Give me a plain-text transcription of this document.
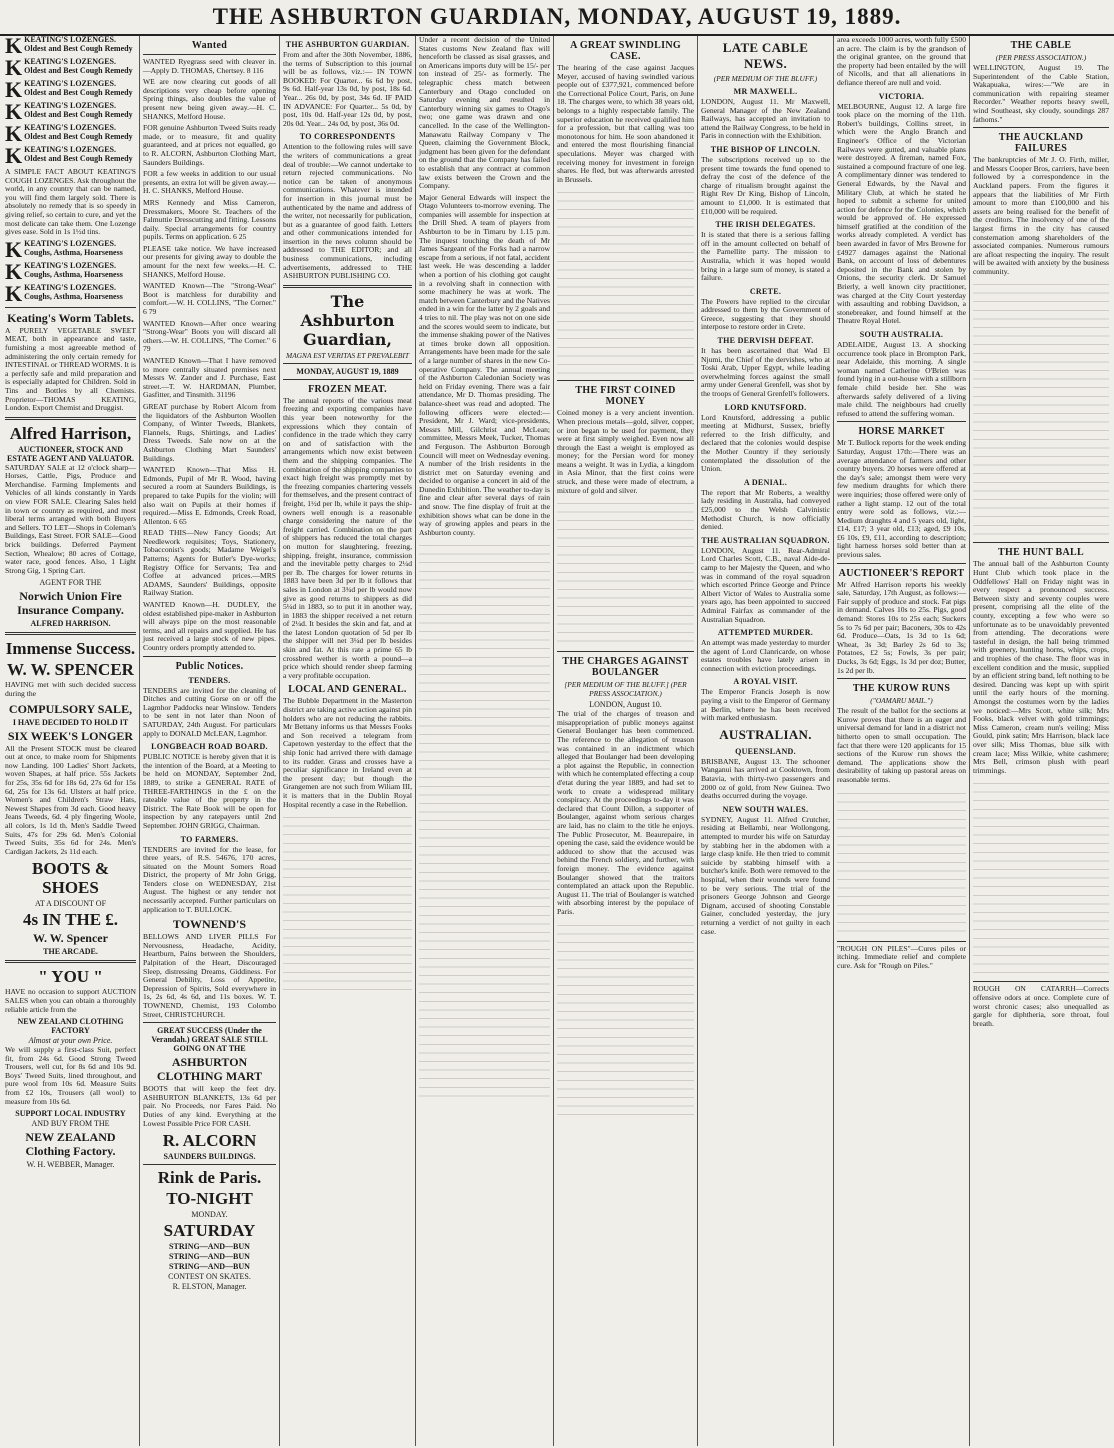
THE ASHBURTON GUARDIAN, MONDAY, AUGUST 19, 1889.
K KEATING'S LOZENGES. Oldest and Best Cough Remedy
K KEATING'S LOZENGES. Oldest and Best Cough Remedy
K KEATING'S LOZENGES. Oldest and Best Cough Remedy
K KEATING'S LOZENGES. Oldest and Best Cough Remedy
K KEATING'S LOZENGES. Oldest and Best Cough Remedy
K KEATING'S LOZENGES. Oldest and Best Cough Remedy

A SIMPLE FACT ABOUT KEATING'S COUGH LOZENGES. Ask throughout the world, in any country that can be named, you will find them largely sold. There is absolutely no remedy that is so speedy in giving relief, so certain to cure, and yet the most delicate can take them. One Lozenge gives ease. Sold in 1s 1½d tins.

K KEATING'S LOZENGES. Coughs, Asthma, Hoarseness
K KEATING'S LOZENGES. Coughs, Asthma, Hoarseness
K KEATING'S LOZENGES. Coughs, Asthma, Hoarseness
Keating's Worm Tablets.

A PURELY VEGETABLE SWEET MEAT, both in appearance and taste, furnishing a most agreeable method of administering the only certain remedy for INTESTINAL or THREAD WORMS. It is a perfectly safe and mild preparation and is especially adapted for Children. Sold in Tins and Bottles by all Chemists. Proprietor—THOMAS KEATING, London. Export Chemist and Druggist.

Alfred Harrison,
AUCTIONEER, STOCK AND ESTATE AGENT AND VALUATOR.

SATURDAY SALE at 12 o'clock sharp—Horses, Cattle, Pigs, Produce and Merchandise. Farming Implements and Vehicles of all kinds constantly in Yards on view FOR SALE. Clearing Sales held in town or country as required, and most liberal terms arranged with both Buyers and Sellers. TO LET—Shops in Coleman's Buildings, East Street. FOR SALE—Good brick buildings. Deferred Payment Section, Whealow; 80 acres of Cottage, water race, good fences. Also, 1 Light Strong Gig, 1 Spring Cart.

AGENT FOR THE
Norwich Union Fire Insurance Company.
ALFRED HARRISON.
Immense Success.
W. W. SPENCER

HAVING met with such decided success during the

COMPULSORY SALE,
I HAVE DECIDED TO HOLD IT
SIX WEEK'S LONGER

All the Present STOCK must be cleared out at once, to make room for Shipments now Landing. 100 Ladies' Short Jackets, woven Shapes, at half price. 55s Jackets for 25s, 35s 6d for 18s 6d, 27s 6d for 15s 6d, 25s for 13s 6d. Ulsters at half price. Women's and Children's Straw Hats, Newest Shapes from 3d each. Good heavy Jeans Tweeds, 6d. 4 ply fingering Woole, all colors, 1s 1d th. Men's Saddle Tweed Suits, 47s for 29s 6d. Men's Colonial Tweed Suits, 35s 6d for 24s. Men's Cardigan Jackets, 2s 11d each.

BOOTS & SHOES
AT A DISCOUNT OF
4s IN THE £.
W. W. Spencer
THE ARCADE.
" YOU "

HAVE no occasion to support AUCTION SALES when you can obtain a thoroughly reliable article from the

NEW ZEALAND CLOTHING FACTORY
Almost at your own Price.

We will supply a first-class Suit, perfect fit, from 24s 6d. Good Strong Tweed Trousers, well cut, for 8s 6d and 10s 9d. Boys' Tweed Suits, lined throughout, and pure wool from 10s 6d. Measure Suits from £2 10s, Trousers (all wool) to measure from 10s 6d.

SUPPORT LOCAL INDUSTRY
AND BUY FROM THE
NEW ZEALAND Clothing Factory.
W. H. WEBBER, Manager.
Wanted

WANTED Ryegrass seed with cleaver in.—Apply D. THOMAS, Chertsey. 8 116

WE are now clearing cut goods of all descriptions very cheap before opening Spring things, also doubles the value of present new being given away.—H. C. SHANKS, Melford House.

FOR genuine Ashburton Tweed Suits ready made, or to measure, fit and quality guaranteed, and at prices not equalled, go to R. ALCORN, Ashburton Clothing Mart, Saunders Buildings.

FOR a few weeks in addition to our usual presents, an extra lot will be given away.—H. C. SHANKS, Melford House.

MRS Kennedy and Miss Cameron, Dressmakers, Moore St. Teachers of the Falmuttie Dresscutting and fitting. Lessons daily. Special arrangements for country pupils. Terms on application. 6 25

PLEASE take notice. We have increased our presents for giving away to double the amount for the next few weeks.—H. C. SHANKS, Melford House.

WANTED Known—The "Strong-Wear" Boot is matchless for durability and comfort.—W. H. COLLINS, "The Corner." 6 79

WANTED Known—After once wearing "Strong-Wear" Boots you will discard all others.—W. H. COLLINS, "The Corner." 6 79

WANTED Known—That I have removed to more centrally situated premises next Messrs W. Zander and J. Purchase, East street.—T. W. HARDMAN, Plumber, Gasfitter, and Tinsmith. 31196

GREAT purchase by Robert Alcorn from the liquidators of the Ashburton Woollen Company, of Winter Tweeds, Blankets, Flannels, Rugs, Shirtings, and Ladies' Dress Tweeds. Sale now on at the Ashburton Clothing Mart Saunders' Buildings.

WANTED Known—That Miss H. Edmonds, Pupil of Mr R. Wood, having secured a room at Saunders Buildings, is prepared to take Pupils for the violin; will also wait on Pupils at their homes if required.—Miss E. Edmonds, Creek Road, Allenton. 6 65

READ THIS—New Fancy Goods; Art Needlework requisites; Toys, Stationery, Tobacconist's goods; Madame Weigel's Patterns; Agents for Butler's Dye-works; Registry Office for Servants; Tea and Coffee at advanced prices.—MRS ADAMS, Saunders' Buildings, opposite Railway Station.

WANTED Known—H. DUDLEY, the oldest established pipe-maker in Ashburton will always pipe on the most reasonable terms, and all repairs and supplied. He has just received a large stock of new pipes. Country orders promptly attended to.

Public Notices.
TENDERS.

TENDERS are invited for the cleaning of Ditches and cutting Gorse on or off the Lagmhor Paddocks near Winslow. Tenders to be sent in not later than Noon of SATURDAY, 24th August. For particulars apply to DONALD McLEAN, Lagmhor.

LONGBEACH ROAD BOARD.

PUBLIC NOTICE is hereby given that it is the intention of the Board, at a Meeting to be held on MONDAY, September 2nd, 1889, to strike a GENERAL RATE of THREE-FARTHINGS in the £ on the rateable value of the property in the District. The Rate Book will be open for inspection by any ratepayers until 2nd September. JOHN GRIGG, Chairman.

TO FARMERS.

TENDERS are invited for the lease, for three years, of R.S. 54676, 170 acres, situated on the Mount Somers Road District, the property of Mr John Grigg, Tenders close on WEDNESDAY, 21st August. The highest or any tender not necessarily accepted. Further particulars on application to T. BULLOCK.

TOWNEND'S

BELLOWS AND LIVER PILLS For Nervousness, Headache, Acidity, Heartburn, Pains between the Shoulders, Palpitation of the Heart, Discouraged Sleep, distressing Dreams, Giddiness. For General Debility, Loss of Appetite, Depression of Spirits, Sold everywhere in 1s, 2s 6d, 4s 6d, and 11s boxes. W. T. TOWNEND, Chemist, 193 Colombo Street, CHRISTCHURCH.

GREAT SUCCESS (Under the Verandah.) GREAT SALE STILL GOING ON AT THE
ASHBURTON CLOTHING MART

BOOTS that will keep the feet dry. ASHBURTON BLANKETS, 13s 6d per pair. No Proceeds, nor Fares Paid. No Duties of any kind. Everything at the Lowest Possible Price FOR CASH.

R. ALCORN
SAUNDERS BUILDINGS.
Rink de Paris.
TO-NIGHT
MONDAY.
SATURDAY
STRING—AND—BUN
STRING—AND—BUN
STRING—AND—BUN
CONTEST ON SKATES.
R. ELSTON, Manager.
THE ASHBURTON GUARDIAN.

From and after the 30th November, 1886, the terms of Subscription to this journal will be as follows, viz.:— IN TOWN BOOKED: For Quarter... 6s 6d by post, 9s 6d. Half-year 13s 0d, by post, 18s 6d. Year... 26s 0d, by post, 34s 6d. IF PAID IN ADVANCE: For Quarter... 5s 0d, by post, 10s 0d. Half-year 12s 0d, by post, 20s 0d. Year... 24s 0d, by post, 36s 0d.

TO CORRESPONDENTS

Attention to the following rules will save the writers of communications a great deal of trouble:—We cannot undertake to return rejected communications. No notice can be taken of anonymous communications. Whatever is intended for insertion in this journal must be authenticated by the name and address of the writer, not necessarily for publication, but as a guarantee of good faith. Letters and other communications intended for insertion in the news column should be addressed to THE EDITOR; and all business communications, including advertisements, addressed to THE ASHBURTON PUBLISHING CO.

The Ashburton Guardian,
MAGNA EST VERITAS ET PREVALEBIT
MONDAY, AUGUST 19, 1889
FROZEN MEAT.

The annual reports of the various meat freezing and exporting companies have this year been noteworthy for the expressions which they contain of confidence in the trade which they carry on and of satisfaction with the arrangements which now exist between them and the shipping companies. The combination of the shipping companies to exact high freight was promptly met by the freezing companies chartering vessels for themselves, and the present contract of freight, 1½d per lb, while it pays the ship-owners well enough is a reasonable charge considering the nature of the freight carried. Combination on the part of shippers has reduced the total charges on mutton for slaughtering, freezing, shipping, freight, insurance, commission and the inevitable petty charges to 2¼d per lb. The charges for lower returns in 1883 have been 3d per lb it follows that sales in London at 3¾d per lb would now give as good returns to shippers as did 5¼d in 1883, so to put it in another way, in 1883 the shipper received a net return of 2¼d. It besides the skin and fat, and at the latest London quotation of 5d per lb the shipper will net 3¼d per lb besides skin and fat. At this rate a prime 65 lb crossbred wether is worth a pound—a price which should render sheep farming a very profitable occupation.

LOCAL AND GENERAL.

The Bubble Department in the Masterton district are taking active action against pin holders who are not reducing the rabbits. Mr Bettany informs us that Messrs Fooks and Son received a telegram from Capetown yesterday to the effect that the ship Ionic had arrived there with damage to its rudder. Grass and crosses have a peculiar significance in Ireland even at the present day; but though the Grangemen are not such from Wiliam III, it is matters that in the Dublin Royal Hospital recently a case in the Rebellion.

Under a recent decision of the United States customs New Zealand flax will henceforth be classed as sisal grasses, and on Americans imports duty will be 15/- per ton instead of 25/- as formerly. The telegraphic chess match between Canterbury and Otago concluded on Saturday evening and resulted in Canterbury winning six games to Otago's two; one game was drawn and one cancelled. In the case of the Wellington-Manawatu Railway Company v The Queen, claiming the Government Block, judgment has been given for the defendant on the ground that the Company has failed to establish that any contract at common law exists between the Crown and the Company.

Major General Edwards will inspect the Otago Volunteers to-morrow evening. The companies will assemble for inspection at the Drill Shed. A team of players from Ashburton to be in Timaru by 1.15 p.m. The inquest touching the death of Mr James Sargeant of the Forks had a narrow escape from a serious, if not fatal, accident last week. He was descending a ladder when a portion of his clothing got caught in a revolving shaft in connection with some machinery he was at work. The match between Canterbury and the Natives ended in a win for the latter by 2 goals and 4 tries to nil. The play was not on one side and the scores would seem to indicate, but the immense shaking power of the Natives at times broke down all opposition. Arrangements have been made for the sale of a large number of shares in the new Co-operative Company. The annual meeting of the Ashburton Caledonian Society was held on Friday evening. There was a fair attendance, Mr D. Thomas presiding. The balance-sheet was read and adopted. The following officers were elected:—President, Mr J. Ward; vice-presidents, Messrs Mill, Gilchrist and McLean; committee, Messrs Meek, Tucker, Thomas and Ferguson. The Ashburton Borough Council will meet on Wednesday evening. A number of the Irish residents in the district met on Saturday evening and decided to organise a concert in aid of the Dunedin Exhibition. The weather to-day is fine and clear after several days of rain and snow. The fine display of fruit at the exhibition shows what can be done in the way of growing apples and pears in the Ashburton county.

A GREAT SWINDLING CASE.

The hearing of the case against Jacques Meyer, accused of having swindled various people out of £377,921, commenced before the Correctional Police Court, Paris, on June 18. The charges were, to which 38 years old, belongs to a highly respectable family. The superior education he received qualified him for a profession, but that calling was too monotonous for him. He soon abandoned it and entered the most flourishing financial speculations. Meyer was charged with receiving money for investment in foreign shares. He fled, but was afterwards arrested in Brussels.

THE FIRST COINED MONEY

Coined money is a very ancient invention. When precious metals—gold, silver, copper, or iron began to be used for payment, they were at first simply weighed. Even now all through the East a weight is employed as money; for the Persian word for money means a weight. It was in Lydia, a kingdom in Asia Minor, that the first coins were struck, and these were made of electrum, a mixture of gold and silver.

THE CHARGES AGAINST BOULANGER
[PER MEDIUM OF THE BLUFF.] (PER PRESS ASSOCIATION.)
LONDON, August 10.

The trial of the charges of treason and misappropriation of public moneys against General Boulanger has been commenced. The reference to the allegation of treason was contained in an indictment which alleged that Boulanger had been developing a plot against the Republic, in connection with which he contemplated effecting a coup d'etat during the year 1889, and had set to work to create a widespread military conspiracy. At the proceedings to-day it was declared that Count Dillon, a supporter of Boulanger, against whom serious charges are laid, has no claim to the title he enjoys. The Public Prosecutor, M. Beaurepaire, in opening the case, said the evidence would be adduced to show that the accused was behind the French soldiery, and further, with foreign money. The evidence against Boulanger showed that the traitors contemplated an attack upon the Republic. August 11. The trial of Boulanger is watched with absorbing interest by the populace of Paris.

LATE CABLE NEWS.
(PER MEDIUM OF THE BLUFF.)
MR MAXWELL.

LONDON, August 11. Mr Maxwell, General Manager of the New Zealand Railways, has accepted an invitation to attend the Railway Congress, to be held in Paris in connection with the Exhibition.

THE BISHOP OF LINCOLN.

The subscriptions received up to the present time towards the fund opened to defray the cost of the defence of the charge of ritualism brought against the Right Rev Dr King, Bishop of Lincoln, amount to £1,000. It is estimated that £10,000 will be required.

THE IRISH DELEGATES.

It is stated that there is a serious falling off in the amount collected on behalf of the Parnellite party. The mission to Australia, which it was hoped would bring in a large sum of money, is stated a failure.

CRETE.

The Powers have replied to the circular addressed to them by the Government of Greece, suggesting that they should interpose to restore order in Crete.

THE DERVISH DEFEAT.

It has been ascertained that Wad El Njumi, the Chief of the dervishes, who at Toski Arab, Upper Egypt, while leading overwhelming forces against the small army under General Grenfell, was shot by the troops of General Grenfell's followers.

LORD KNUTSFORD.

Lord Knutsford, addressing a public meeting at Midhurst, Sussex, briefly referred to the Irish difficulty, and declared that the colonies would despise the Mother Country if they seriously contemplated the dissolution of the Union.

A DENIAL.

The report that Mr Roberts, a wealthy lady residing in Australia, had conveyed £25,000 to the Welsh Calvinistic Methodist Church, is now officially denied.

THE AUSTRALIAN SQUADRON.

LONDON, August 11. Rear-Admiral Lord Charles Scott, C.B., naval Aide-de-camp to her Majesty the Queen, and who was in command of the royal squadron which escorted Prince George and Prince Albert Victor of Wales to Australia some years ago, has been appointed to succeed Admiral Fairfax as commander of the Australian Squadron.

ATTEMPTED MURDER.

An attempt was made yesterday to murder the agent of Lord Clanricarde, on whose estates troubles have lately arisen in connection with eviction proceedings.

A ROYAL VISIT.

The Emperor Francis Joseph is now paying a visit to the Emperor of Germany at Berlin, where he has been received with marked enthusiasm.

AUSTRALIAN.
QUEENSLAND.

BRISBANE, August 13. The schooner Wanganui has arrived at Cooktown, from Batavia, with thirty-two passengers and 2000 oz of gold, from New Guinea. Two deaths occurred during the voyage.

NEW SOUTH WALES.

SYDNEY, August 11. Alfred Crutcher, residing at Bellambi, near Wollongong, attempted to murder his wife on Saturday by stabbing her in the abdomen with a large clasp knife. He then tried to commit suicide by stabbing himself with a butcher's knife. Both were removed to the hospital, when their wounds were found to be very serious. The trial of the prisoners George Johnson and George Dignam, accused of shooting Constable Gainer, concluded yesterday, the jury returning a verdict of not guilty in each case.

area exceeds 1000 acres, worth fully £500 an acre. The claim is by the grandson of the original grantee, on the ground that the property had been entailed by the will of Nicolls, and that all alienations in defiance thereof are null and void.

VICTORIA.

MELBOURNE, August 12. A large fire took place on the morning of the 11th. Robert's buildings, Collins street, in which were the Anglo Branch and Engineer's Office of the Victorian Railways were gutted, and valuable plans were destroyed. A fireman, named Fox, sustained a compound fracture of one leg. A complimentary dinner was tendered to General Edwards, by the Naval and Military Club, at which he stated he hoped to submit a scheme for united action for defence for the Colonies, which would be approved of. He expressed himself gratified at the condition of the works already completed. A verdict has been awarded in favor of Mrs Browne for £4927 damages against the National Bank, on account of loss of debentures deposited in the Bank and stolen by Onions, the security clerk. Dr Samuel Brierly, a well known city practitioner, was charged at the City Court yesterday with assaulting and robbing Davidson, a stonebreaker, and found himself at the Theatre Royal Hotel.

SOUTH AUSTRALIA.

ADELAIDE, August 13. A shocking occurrence took place in Brompton Park, near Adelaide, this morning. A single woman named Catherine O'Brien was found lying in a out-house with a stillborn female child beside her. She was afterwards safely delivered of a living male child. The neighbours had cruelly refused to attend the suffering woman.

HORSE MARKET

Mr T. Bullock reports for the week ending Saturday, August 17th:—There was an average attendance of farmers and other country buyers. 20 horses were offered at the day's sale; amongst them were very few medium draughts for which there were inquiries; those offered were only of rather a light stamp. 12 out of the total entry were sold as follows, viz.:—Medium draughts 4 and 5 years old, light, £14, £17; 3 year old, £13; aged, £9 10s, £6 10s, £9, £11, according to description; light harness horses sold better than at previous sales.

AUCTIONEER'S REPORT

Mr Alfred Harrison reports his weekly sale, Saturday, 17th August, as follows:—Fair supply of produce and stock. Fat pigs in demand. Calves 10s to 25s. Pigs, good demand: Stores 10s to 25s each; Suckers 5s to 7s 6d per pair; Baconers, 30s to 42s 6d. Produce—Oats, 1s 3d to 1s 6d; Wheat, 3s 3d; Barley 2s 6d to 3s; Potatoes, £2 5s; Fowls, 3s per pair; Ducks, 3s 6d; Eggs, 1s 3d per doz; Butter, 1s 2d per lb.

THE KUROW RUNS
("OAMARU MAIL.")

The result of the ballot for the sections at Kurow proves that there is an eager and universal demand for land in a district not hitherto open to small occupation. The fact that there were 120 applicants for 15 sections of the Kurow run shows the demand. The applications show the desirability of taking up pastoral areas on reasonable terms.

"ROUGH ON PILES"—Cures piles or itching. Immediate relief and complete cure. Ask for "Rough on Piles."

THE CABLE
(PER PRESS ASSOCIATION.)

WELLINGTON, August 19. The Superintendent of the Cable Station, Wakapuaka, wires:—"We are in communication with repairing steamer Recorder." Weather reports heavy swell, wind Southeast, sky cloudy, soundings 287 fathoms."

THE AUCKLAND FAILURES

The bankruptcies of Mr J. O. Firth, miller, and Messrs Cooper Bros, carriers, have been followed by a correspondence in the Auckland papers. From the figures it appears that the liabilities of Mr Firth amount to more than £100,000 and his assets are being realised for the benefit of the creditors. The insolvency of one of the largest firms in the city has caused consternation among shareholders of the associated companies. Numerous rumours are afloat respecting the inquiry. The result will be awaited with anxiety by the business community.

THE HUNT BALL

The annual ball of the Ashburton County Hunt Club which took place in the Oddfellows' Hall on Friday night was in every respect a pronounced success. Between sixty and seventy couples were present, comprising all the elite of the county, excepting a few who were so unfortunate as to be unavoidably prevented from attending. The decorations were tasteful in design, the hall being trimmed with greenery, hunting horns, whips, crops, and trophies of the chase. The floor was in excellent condition and the music, supplied by an efficient string band, left nothing to be desired. Dancing was kept up with spirit until the early hours of the morning. Amongst the costumes worn by the ladies we noticed:—Mrs Scott, white silk; Mrs Fooks, black velvet with gold trimmings; Miss Cameron, cream nun's veiling; Miss Gould, pink satin; Mrs Harrison, black lace over silk; Miss Thomas, blue silk with cream lace; Miss Wilkie, white cashmere; Mrs Bell, crimson plush with pearl trimmings.

ROUGH ON CATARRH—Corrects offensive odors at once. Complete cure of worst chronic cases; also unequalled as gargle for diphtheria, sore throat, foul breath.
